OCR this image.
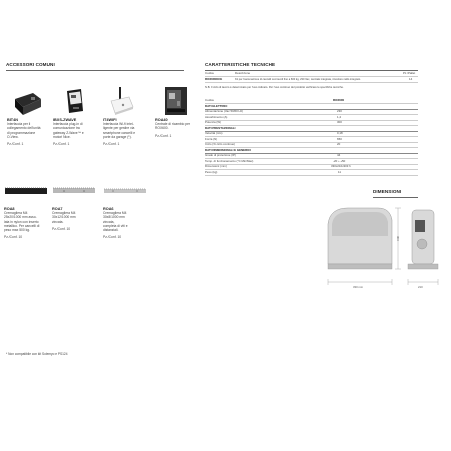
ACCESSORI COMUNI
BIT4N
Interfaccia per il
collegamento dell'unità
di programmazione
O-View.
Pz./Conf. 1
IBXS-ZWAVE
Interfaccia plug-in di
comunicazione tra
gateway Z-Wave™ e
motori Nice.
Pz./Conf. 1
IT4WIFI
Interfaccia Wi-fi intel-
ligente per gestire via
smartphone cancelli e
porte da garage (*).
Pz./Conf. 1
ROA40
Centrale di ricambio per
ROX600.
Pz./Conf. 1
ROA8
Cremagliera M4
25x20/1000 mm asso-
lata in nylon con inserto
metallico. Per cancelli di
peso max 500 kg.
Pz./Conf. 10
ROA7
Cremagliera M4
30x12/1000 mm
zincata.
Pz./Conf. 10
ROA6
Cremagliera M4
30x8/1000 mm
zincata,
completa di viti e
distanziali.
Pz./Conf. 10
CARATTERISTICHE TECNICHE
Codice	Descrizione	Pz./Pallet
ROX600KCE	Kit per l'automazione di cancelli scorrevoli fino a 600 kg, 230 Vac, centrale integrata, ricevitore radio integrato.	14
N.B. Il ciclo di lavoro è determinato per l'uso indicato. Per l'uso continuo del prodotto verificare le specifiche tecniche.
Codice	ROX600
DATI ELETTRICI
Alimentazione (Vac 50/60 Hz)	230
Assorbimento (A)	1,4
Potenza (W)	300
DATI PRESTAZIONALI
Velocità (m/s)	0,18
Forza (N)	650
Ciclo (% ciclo continuo)	20
DATI DIMENSIONALI E GENERICI
Grado di protezione (IP)	44
Temp. di funzionamento (°C Min/Max)	-20 ÷ +50
Dimensioni (mm)	330x210x303 h
Peso (kg)	11
DIMENSIONI
303
330 mm	210
* Non compatibile con kit Solemyo e PS124
